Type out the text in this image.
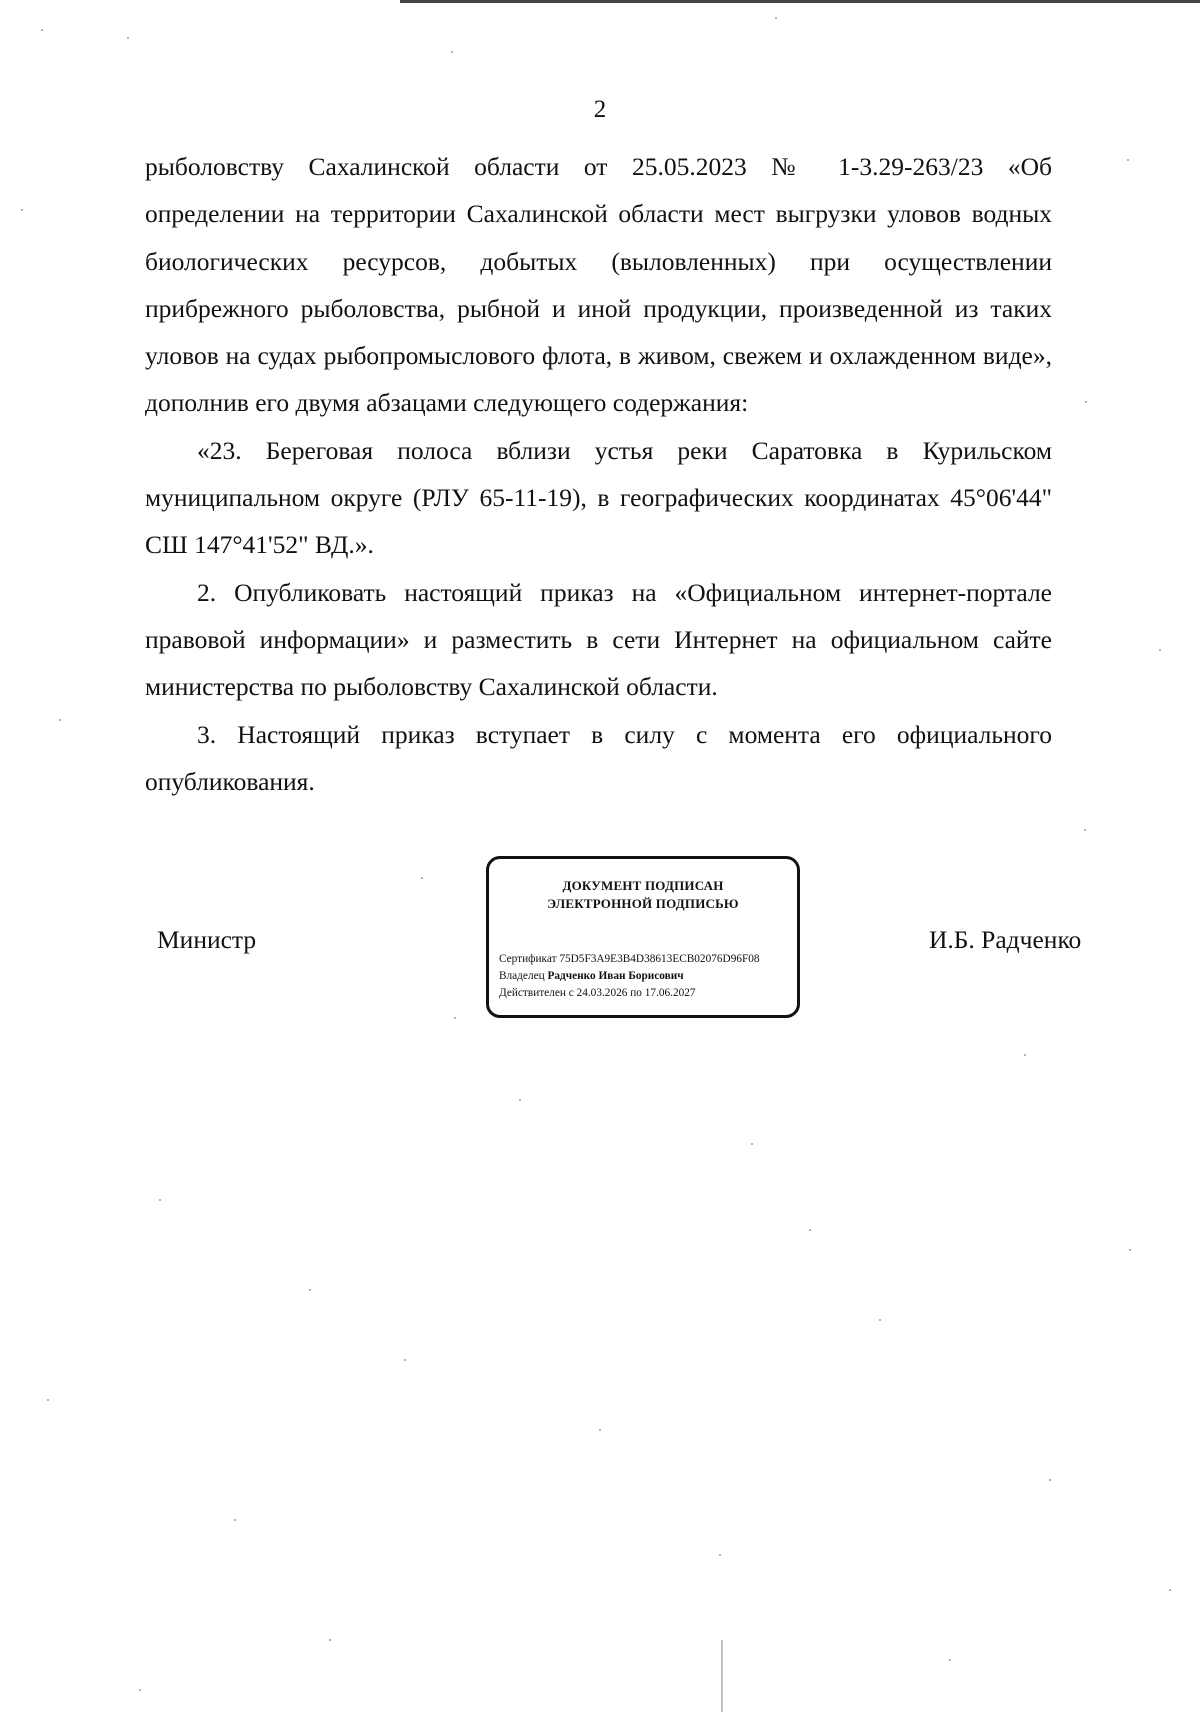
2

рыболовству Сахалинской области от 25.05.2023 № 1-3.29-263/23 «Об определении на территории Сахалинской области мест выгрузки уловов водных биологических ресурсов, добытых (выловленных) при осуществлении прибрежного рыболовства, рыбной и иной продукции, произведенной из таких уловов на судах рыбопромыслового флота, в живом, свежем и охлажденном виде», дополнив его двумя абзацами следующего содержания:

«23. Береговая полоса вблизи устья реки Саратовка в Курильском муниципальном округе (РЛУ 65-11-19), в географических координатах 45°06'44" СШ 147°41'52" ВД.».

2. Опубликовать настоящий приказ на «Официальном интернет-портале правовой информации» и разместить в сети Интернет на официальном сайте министерства по рыболовству Сахалинской области.

3. Настоящий приказ вступает в силу с момента его официального опубликования.

Министр
ДОКУМЕНТ ПОДПИСАН
ЭЛЕКТРОННОЙ ПОДПИСЬЮ
Сертификат 75D5F3A9E3B4D38613ECB02076D96F08
Владелец Радченко Иван Борисович
Действителен с 24.03.2026 по 17.06.2027
И.Б. Радченко
